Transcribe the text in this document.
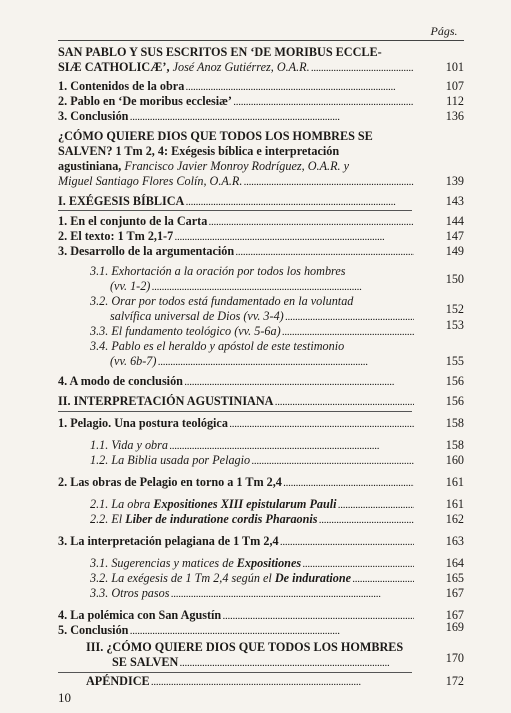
Págs.
SAN PABLO Y SUS ESCRITOS EN ‘DE MORIBUS ECCLE-
SIÆ CATHOLICÆ’, José Anoz Gutiérrez, O.A.R. . . .	101
1. Contenidos de la obra . . .	107
2. Pablo en ‘De moribus ecclesiæ’ . . .	112
3. Conclusión . . .	136
¿CÓMO QUIERE DIOS QUE TODOS LOS HOMBRES SE
SALVEN? 1 Tm 2, 4: Exégesis bíblica e interpretación
agustiniana, Francisco Javier Monroy Rodríguez, O.A.R. y
Miguel Santiago Flores Colín, O.A.R. . . .	139
I. EXÉGESIS BÍBLICA . . .	143
1. En el conjunto de la Carta . . .	144
2. El texto: 1 Tm 2,1-7 . . .	147
3. Desarrollo de la argumentación . . .	149
3.1. Exhortación a la oración por todos los hombres
(vv. 1-2) . . .	150
3.2. Orar por todos está fundamentado en la voluntad
salvífica universal de Dios (vv. 3-4) . . .	152
3.3. El fundamento teológico (vv. 5-6a) . . .	153
3.4. Pablo es el heraldo y apóstol de este testimonio
(vv. 6b-7) . . .	155
4. A modo de conclusión . . .	156
II. INTERPRETACIÓN AGUSTINIANA . . .	156
1. Pelagio. Una postura teológica . . .	158
1.1. Vida y obra . . .	158
1.2. La Biblia usada por Pelagio . . .	160
2. Las obras de Pelagio en torno a 1 Tm 2,4 . . .	161
2.1. La obra Expositiones XIII epistularum Pauli . . .	161
2.2. El Liber de induratione cordis Pharaonis . . .	162
3. La interpretación pelagiana de 1 Tm 2,4 . . .	163
3.1. Sugerencias y matices de Expositiones . . .	164
3.2. La exégesis de 1 Tm 2,4 según el De induratione . . .	165
3.3. Otros pasos . . .	167
4. La polémica con San Agustín . . .	167
5. Conclusión . . .	169
III. ¿CÓMO QUIERE DIOS QUE TODOS LOS HOMBRES
SE SALVEN . . .	170
APÉNDICE . . .	172
10
